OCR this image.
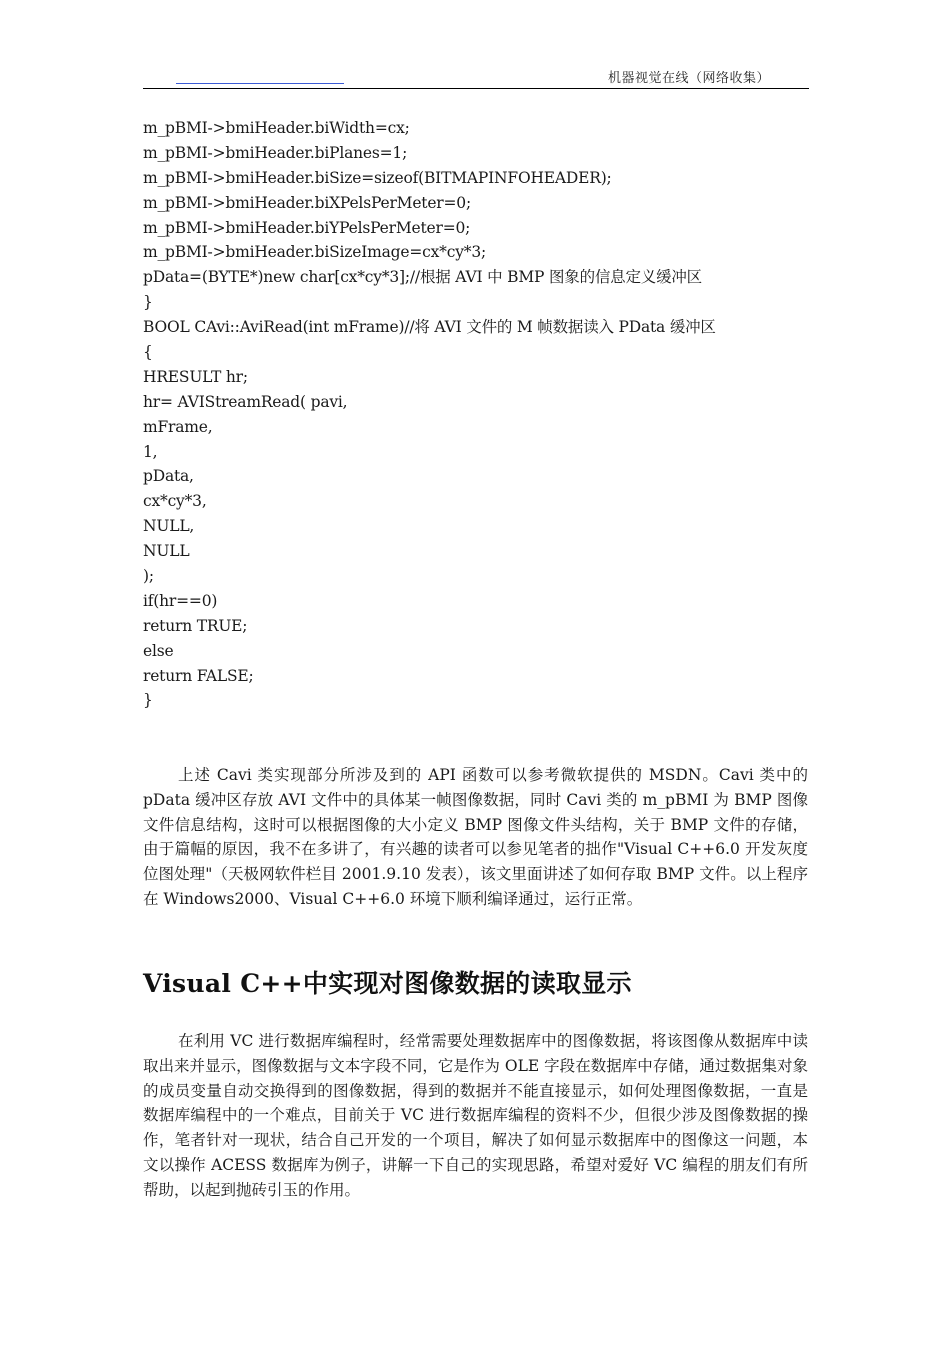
机器视觉在线（网络收集）
m_pBMI->bmiHeader.biWidth=cx;
m_pBMI->bmiHeader.biPlanes=1;
m_pBMI->bmiHeader.biSize=sizeof(BITMAPINFOHEADER);
m_pBMI->bmiHeader.biXPelsPerMeter=0;
m_pBMI->bmiHeader.biYPelsPerMeter=0;
m_pBMI->bmiHeader.biSizeImage=cx*cy*3;
pData=(BYTE*)new char[cx*cy*3];//根据 AVI 中 BMP 图象的信息定义缓冲区
}
BOOL CAvi::AviRead(int mFrame)//将 AVI 文件的 M 帧数据读入 PData 缓冲区
{
HRESULT hr;
hr= AVIStreamRead( pavi,
mFrame,
1,
pData,
cx*cy*3,
NULL,
NULL
);
if(hr==0)
return TRUE;
else
return FALSE;
}

上述 Cavi 类实现部分所涉及到的 API 函数可以参考微软提供的 MSDN。Cavi 类中的 pData 缓冲区存放 AVI 文件中的具体某一帧图像数据，同时 Cavi 类的 m_pBMI 为 BMP 图像文件信息结构，这时可以根据图像的大小定义 BMP 图像文件头结构，关于 BMP 文件的存储，由于篇幅的原因，我不在多讲了，有兴趣的读者可以参见笔者的拙作"Visual C++6.0 开发灰度位图处理"（天极网软件栏目 2001.9.10 发表），该文里面讲述了如何存取 BMP 文件。以上程序在 Windows2000、Visual C++6.0 环境下顺利编译通过，运行正常。

Visual C++中实现对图像数据的读取显示

在利用 VC 进行数据库编程时，经常需要处理数据库中的图像数据，将该图像从数据库中读取出来并显示，图像数据与文本字段不同，它是作为 OLE 字段在数据库中存储，通过数据集对象的成员变量自动交换得到的图像数据，得到的数据并不能直接显示，如何处理图像数据，一直是数据库编程中的一个难点，目前关于 VC 进行数据库编程的资料不少，但很少涉及图像数据的操作，笔者针对一现状，结合自己开发的一个项目，解决了如何显示数据库中的图像这一问题，本文以操作 ACESS 数据库为例子，讲解一下自己的实现思路，希望对爱好 VC 编程的朋友们有所帮助，以起到抛砖引玉的作用。
